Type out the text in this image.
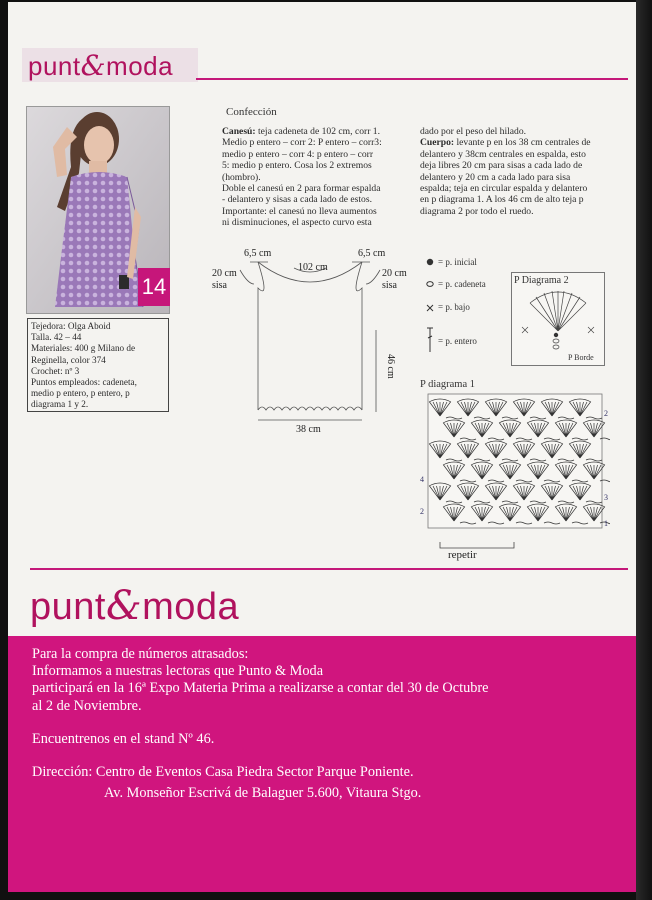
punt&moda
14
Tejedora: Olga Aboid
Talla. 42 – 44
Materiales: 400 g Milano de
Reginella, color 374
Crochet: nº 3
Puntos empleados: cadeneta,
medio p entero, p entero, p
diagrama 1 y 2.
Confección

Canesú: teja cadeneta de 102 cm, corr 1.

Medio p entero – corr 2: P entero – corr3:

medio p entero – corr 4: p entero – corr

5: medio p entero. Cosa los 2 extremos

(hombro).

Doble el canesú en 2 para formar espalda

- delantero y sisas a cada lado de estos.

Importante: el canesú no lleva aumentos

ni disminuciones, el aspecto curvo esta

dado por el peso del hilado.

Cuerpo: levante p en los 38 cm centrales de

delantero y 38cm centrales en espalda, esto

deja libres 20 cm para sisas a cada lado de

delantero y 20 cm a cada lado para sisa

espalda; teja en circular espalda y delantero

en p diagrama 1. A los 46 cm de alto teja p

diagrama 2 por todo el ruedo.

6,5 cm	6,5 cm
102 cm
20 cm
sisa
20 cm
sisa
46 cm
38 cm
= p. inicial
= p. cadeneta
= p. bajo
= p. entero
P Diagrama 2
P Borde
P diagrama 1
repetir
2
4
3
2
1
punt&moda

Para la compra de números atrasados:

Informamos a nuestras lectoras que Punto & Moda

participará en la 16ª Expo Materia Prima a realizarse a contar del 30 de Octubre

al 2 de Noviembre.

Encuentrenos en el stand Nº 46.

Dirección: Centro de Eventos Casa Piedra Sector Parque Poniente.

Av. Monseñor Escrivá de Balaguer 5.600, Vitaura Stgo.
